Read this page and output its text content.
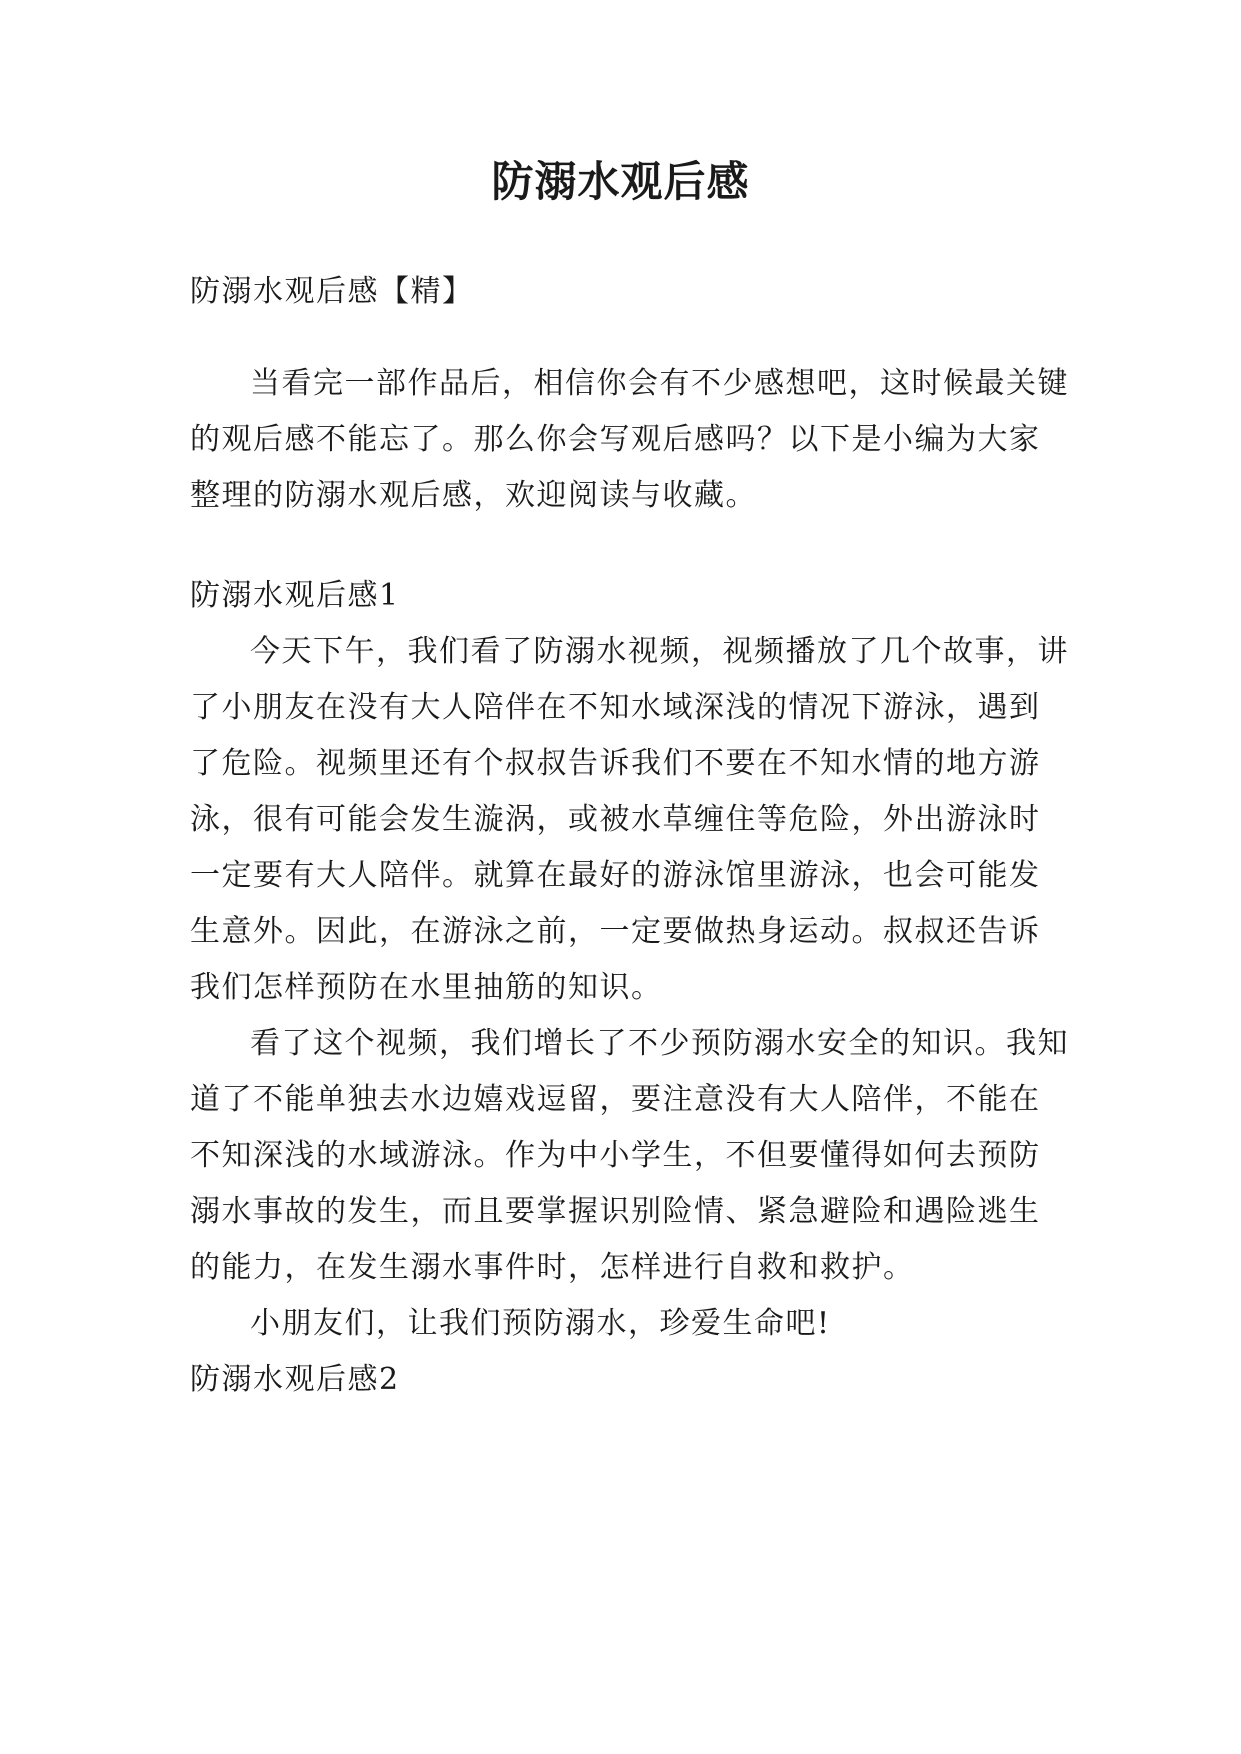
防溺水观后感

防溺水观后感【精】

当看完一部作品后，相信你会有不少感想吧，这时候最关键的观后感不能忘了。那么你会写观后感吗？以下是小编为大家整理的防溺水观后感，欢迎阅读与收藏。

防溺水观后感1

今天下午，我们看了防溺水视频，视频播放了几个故事，讲了小朋友在没有大人陪伴在不知水域深浅的情况下游泳，遇到了危险。视频里还有个叔叔告诉我们不要在不知水情的地方游泳，很有可能会发生漩涡，或被水草缠住等危险，外出游泳时一定要有大人陪伴。就算在最好的游泳馆里游泳，也会可能发生意外。因此，在游泳之前，一定要做热身运动。叔叔还告诉我们怎样预防在水里抽筋的知识。

看了这个视频，我们增长了不少预防溺水安全的知识。我知道了不能单独去水边嬉戏逗留，要注意没有大人陪伴，不能在不知深浅的水域游泳。作为中小学生，不但要懂得如何去预防溺水事故的发生，而且要掌握识别险情、紧急避险和遇险逃生的能力，在发生溺水事件时，怎样进行自救和救护。

小朋友们，让我们预防溺水，珍爱生命吧!

防溺水观后感2
